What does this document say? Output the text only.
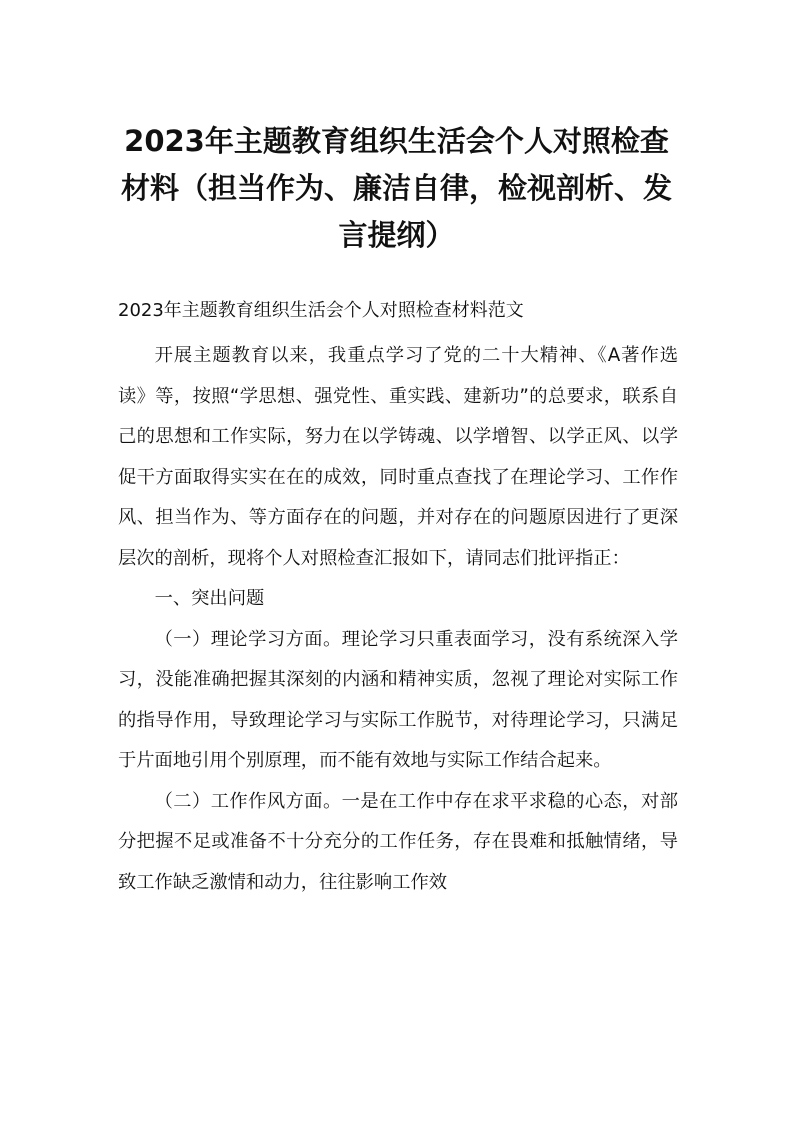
2023年主题教育组织生活会个人对照检查材料（担当作为、廉洁自律，检视剖析、发言提纲）
2023年主题教育组织生活会个人对照检查材料范文

开展主题教育以来，我重点学习了党的二十大精神、《A著作选读》等，按照“学思想、强党性、重实践、建新功”的总要求，联系自己的思想和工作实际，努力在以学铸魂、以学增智、以学正风、以学促干方面取得实实在在的成效，同时重点查找了在理论学习、工作作风、担当作为、等方面存在的问题，并对存在的问题原因进行了更深层次的剖析，现将个人对照检查汇报如下，请同志们批评指正：

一、突出问题

（一）理论学习方面。理论学习只重表面学习，没有系统深入学习，没能准确把握其深刻的内涵和精神实质，忽视了理论对实际工作的指导作用，导致理论学习与实际工作脱节，对待理论学习，只满足于片面地引用个别原理，而不能有效地与实际工作结合起来。

（二）工作作风方面。一是在工作中存在求平求稳的心态，对部分把握不足或准备不十分充分的工作任务，存在畏难和抵触情绪，导致工作缺乏激情和动力，往往影响工作效
